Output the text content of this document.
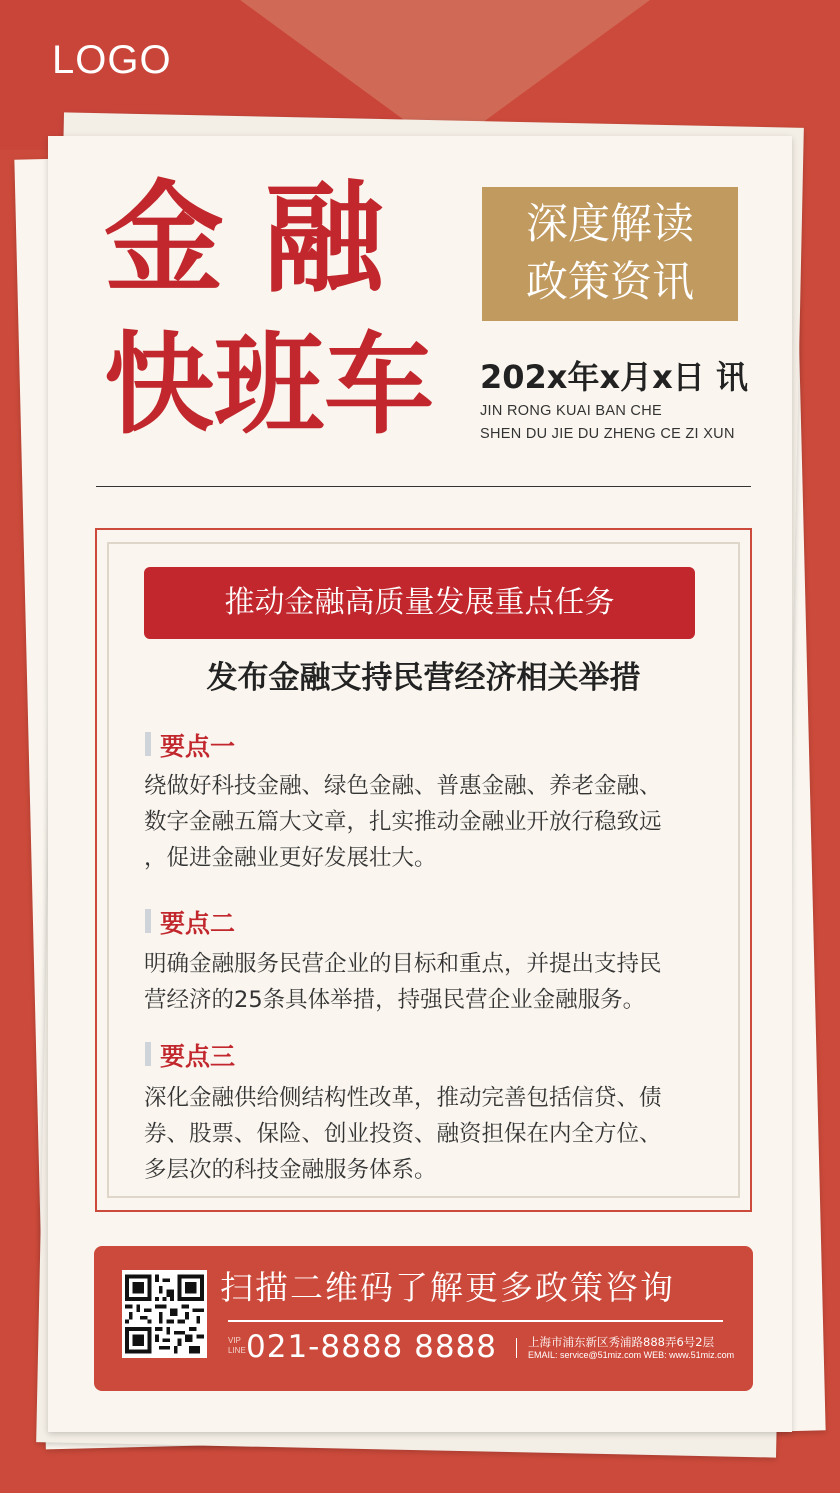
LOGO
金融
快班车
深度解读
政策资讯
202x年x月x日 讯
JIN RONG KUAI BAN CHE
SHEN DU JIE DU ZHENG CE ZI XUN
推动金融高质量发展重点任务
发布金融支持民营经济相关举措
要点一
绕做好科技金融、绿色金融、普惠金融、养老金融、
数字金融五篇大文章，扎实推动金融业开放行稳致远
，促进金融业更好发展壮大。
要点二
明确金融服务民营企业的目标和重点，并提出支持民
营经济的25条具体举措，持强民营企业金融服务。
要点三
深化金融供给侧结构性改革，推动完善包括信贷、债
券、股票、保险、创业投资、融资担保在内全方位、
多层次的科技金融服务体系。
扫描二维码了解更多政策咨询
VIP
LINE 021-8888 8888	上海市浦东新区秀浦路888弄6号2层
EMAIL: service@51miz.com WEB: www.51miz.com
